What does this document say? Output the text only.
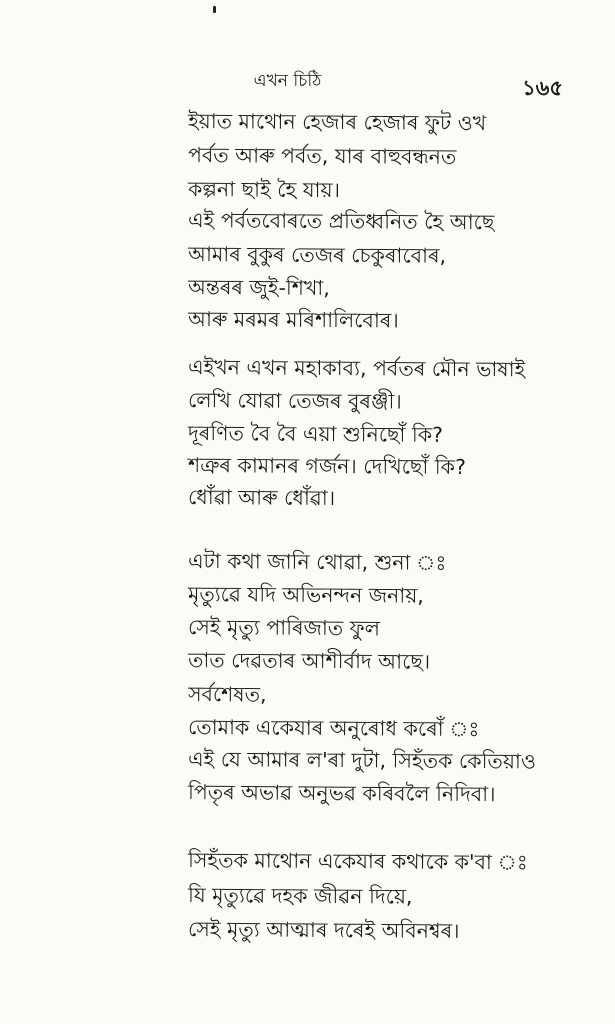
এখন চিঠি	১৬৫
ইয়াত মাথোন হেজাৰ হেজাৰ ফুট ওখ
পৰ্বত আৰু পৰ্বত, যাৰ বাহুবন্ধনত
কল্পনা ছাই হৈ যায়।
এই পৰ্বতবোৰতে প্ৰতিধ্বনিত হৈ আছে
আমাৰ বুকুৰ তেজৰ চেকুৰাবোৰ,
অন্তৰৰ জুই-শিখা,
আৰু মৰমৰ মৰিশালিবোৰ।
এইখন এখন মহাকাব্য, পৰ্বতৰ মৌন ভাষাই
লেখি যোৱা তেজৰ বুৰঞ্জী।
দূৰণিত বৈ বৈ এয়া শুনিছোঁ কি?
শত্ৰুৰ কামানৰ গৰ্জন। দেখিছোঁ কি?
ধোঁৱা আৰু ধোঁৱা।
এটা কথা জানি থোৱা, শুনা ঃ
মৃত্যুৱে যদি অভিনন্দন জনায়,
সেই মৃত্যু পাৰিজাত ফুল
তাত দেৱতাৰ আশীৰ্বাদ আছে।
সৰ্বশেষত,
তোমাক একেযাৰ অনুৰোধ কৰোঁ ঃ
এই যে আমাৰ ল'ৰা দুটা, সিহঁতক কেতিয়াও
পিতৃৰ অভাৱ অনুভৱ কৰিবলৈ নিদিবা।
সিহঁতক মাথোন একেযাৰ কথাকে ক'বা ঃ
যি মৃত্যুৱে দহক জীৱন দিয়ে,
সেই মৃত্যু আত্মাৰ দৰেই অবিনশ্বৰ।
